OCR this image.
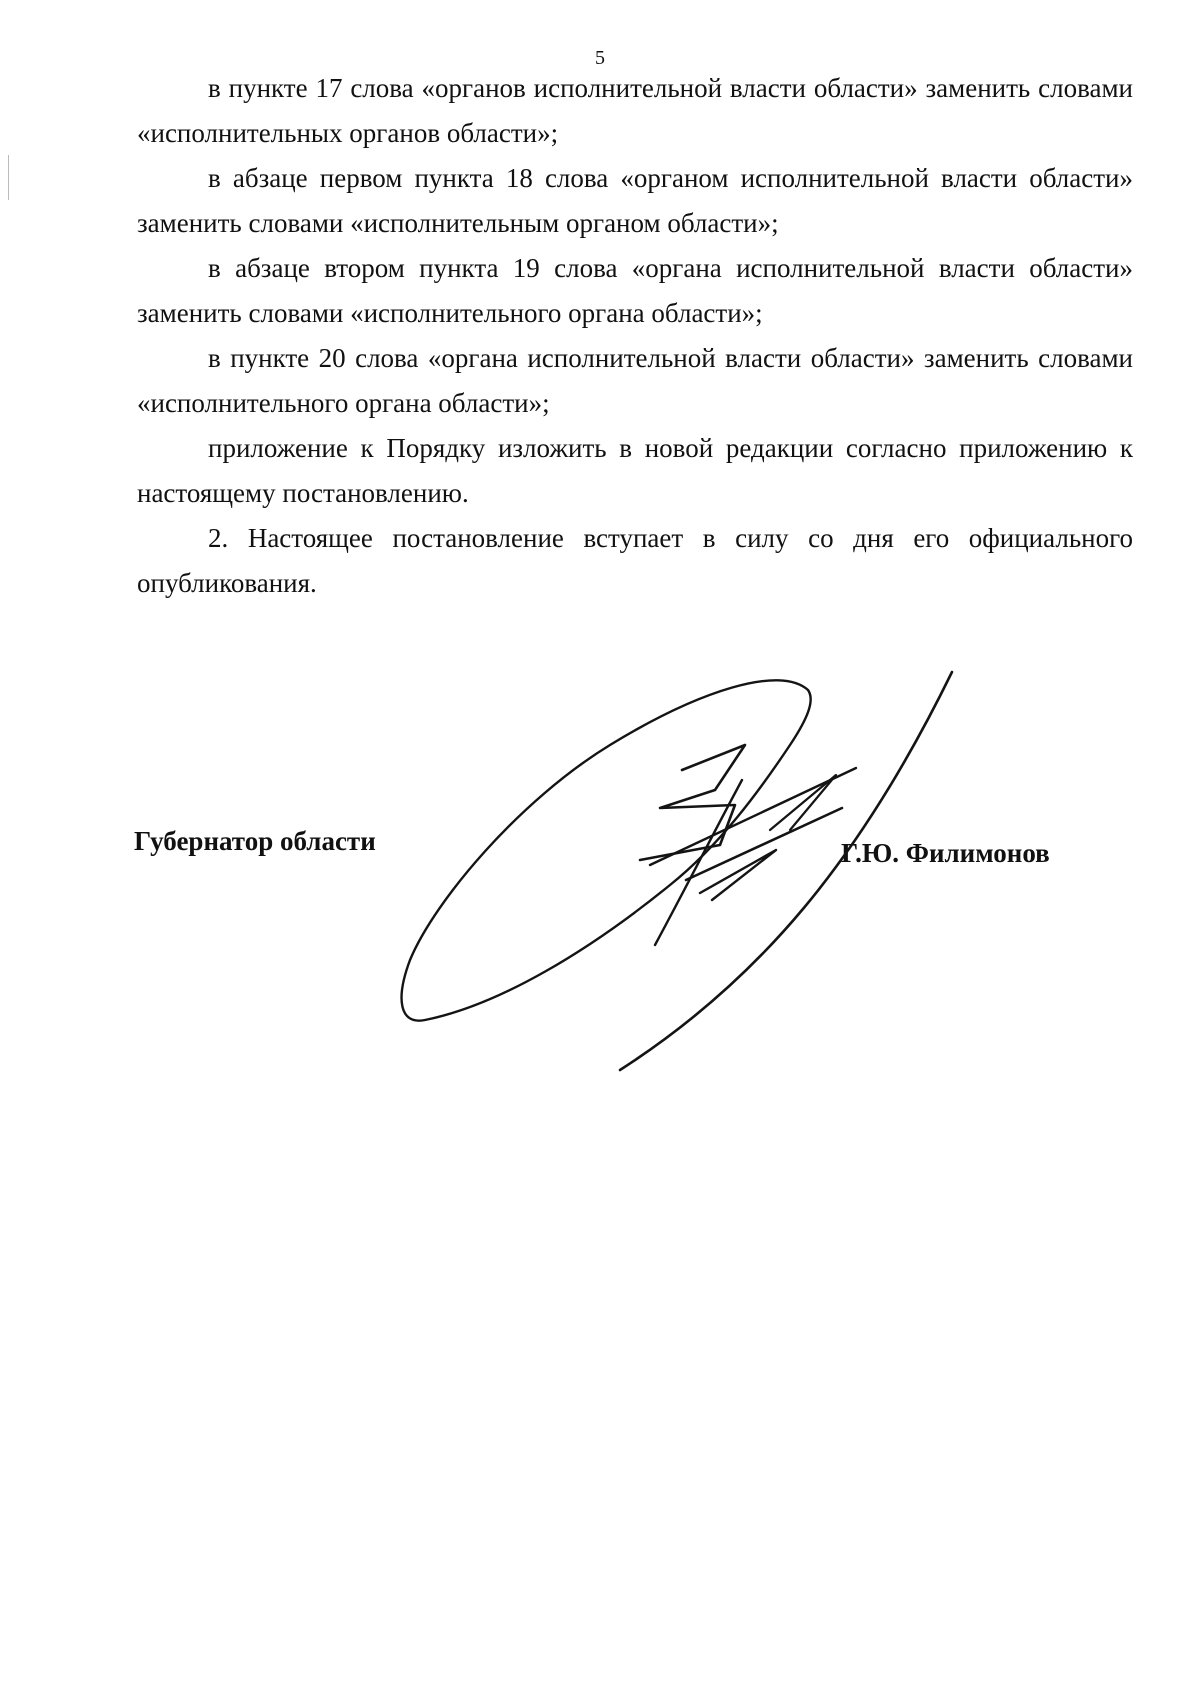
5

в пункте 17 слова «органов исполнительной власти области» заменить словами «исполнительных органов области»;

в абзаце первом пункта 18 слова «органом исполнительной власти области» заменить словами «исполнительным органом области»;

в абзаце втором пункта 19 слова «органа исполнительной власти области» заменить словами «исполнительного органа области»;

в пункте 20 слова «органа исполнительной власти области» заменить словами «исполнительного органа области»;

приложение к Порядку изложить в новой редакции согласно приложению к настоящему постановлению.

2. Настоящее постановление вступает в силу со дня его официального опубликования.

Губернатор области	Г.Ю. Филимонов
